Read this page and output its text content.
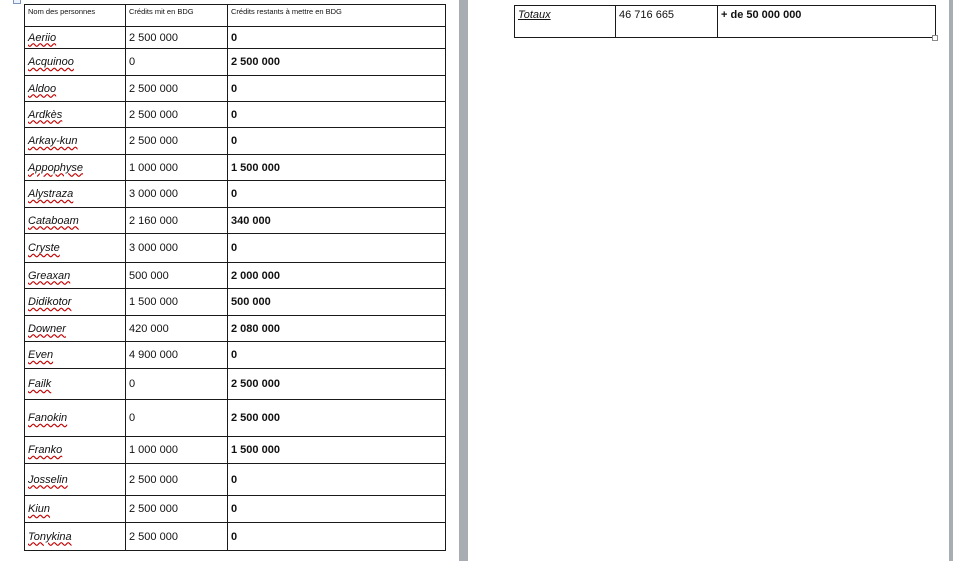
Nom des personnes	Crédits mit en BDG	Crédits restants à mettre en BDG
Aeriio	2 500 000	0
Acquinoo	0	2 500 000
Aldoo	2 500 000	0
Ardkès	2 500 000	0
Arkay-kun	2 500 000	0
Appophyse	1 000 000	1 500 000
Alystraza	3 000 000	0
Cataboam	2 160 000	340 000
Cryste	3 000 000	0
Greaxan	500 000	2 000 000
Didikotor	1 500 000	500 000
Downer	420 000	2 080 000
Even	4 900 000	0
Failk	0	2 500 000
Fanokin	0	2 500 000
Franko	1 000 000	1 500 000
Josselin	2 500 000	0
Kiun	2 500 000	0
Tonykina	2 500 000	0
Totaux	46 716 665	+ de 50 000 000
